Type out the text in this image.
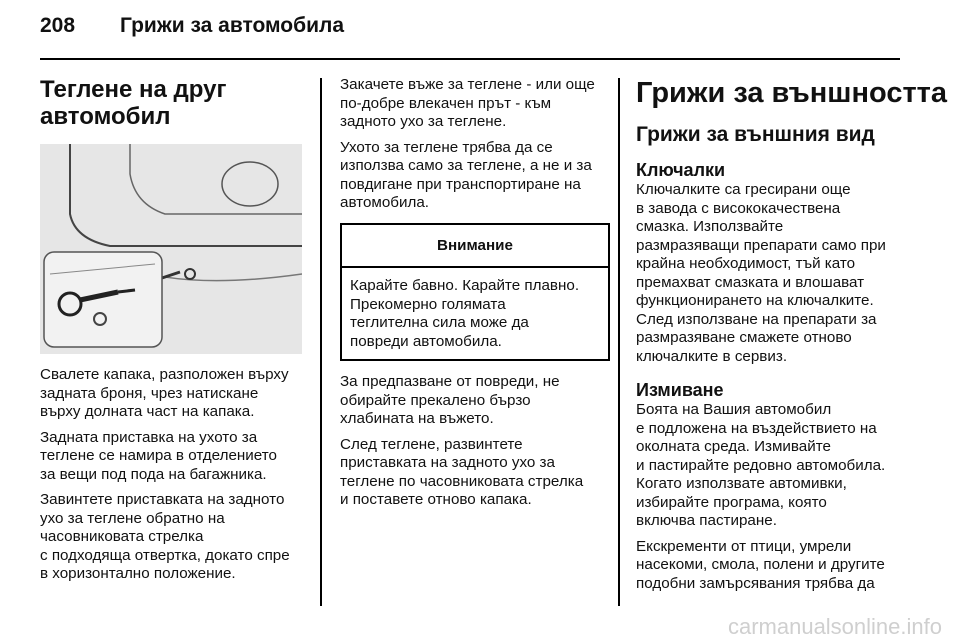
208 Грижи за автомобила
Теглене на друг
автомобил

Свалете капака, разположен върху
задната броня, чрез натискане
върху долната част на капака.

Задната приставка на ухото за
теглене се намира в отделението
за вещи под пода на багажника.

Завинтете приставката на задното
ухо за теглене обратно на
часовниковата стрелка
с подходяща отвертка, докато спре
в хоризонтално положение.

Закачете въже за теглене - или още
по-добре влекачен прът - към
задното ухо за теглене.

Ухото за теглене трябва да се
използва само за теглене, а не и за
повдигане при транспортиране на
автомобила.

Внимание
Карайте бавно. Карайте плавно.
Прекомерно голямата
теглителна сила може да
повреди автомобила.

За предпазване от повреди, не
обирайте прекалено бързо
хлабината на въжето.

След теглене, развинтете
приставката на задното ухо за
теглене по часовниковата стрелка
и поставете отново капака.

Грижи за външността
Грижи за външния вид
Ключалки

Ключалките са гресирани още
в завода с висококачествена
смазка. Използвайте
размразяващи препарати само при
крайна необходимост, тъй като
премахват смазката и влошават
функционирането на ключалките.
След използване на препарати за
размразяване смажете отново
ключалките в сервиз.

Измиване

Боята на Вашия автомобил
е подложена на въздействието на
околната среда. Измивайте
и пастирайте редовно автомобила.
Когато използвате автомивки,
избирайте програма, която
включва пастиране.

Екскременти от птици, умрели
насекоми, смола, полени и другите
подобни замърсявания трябва да

carmanualsonline.info
